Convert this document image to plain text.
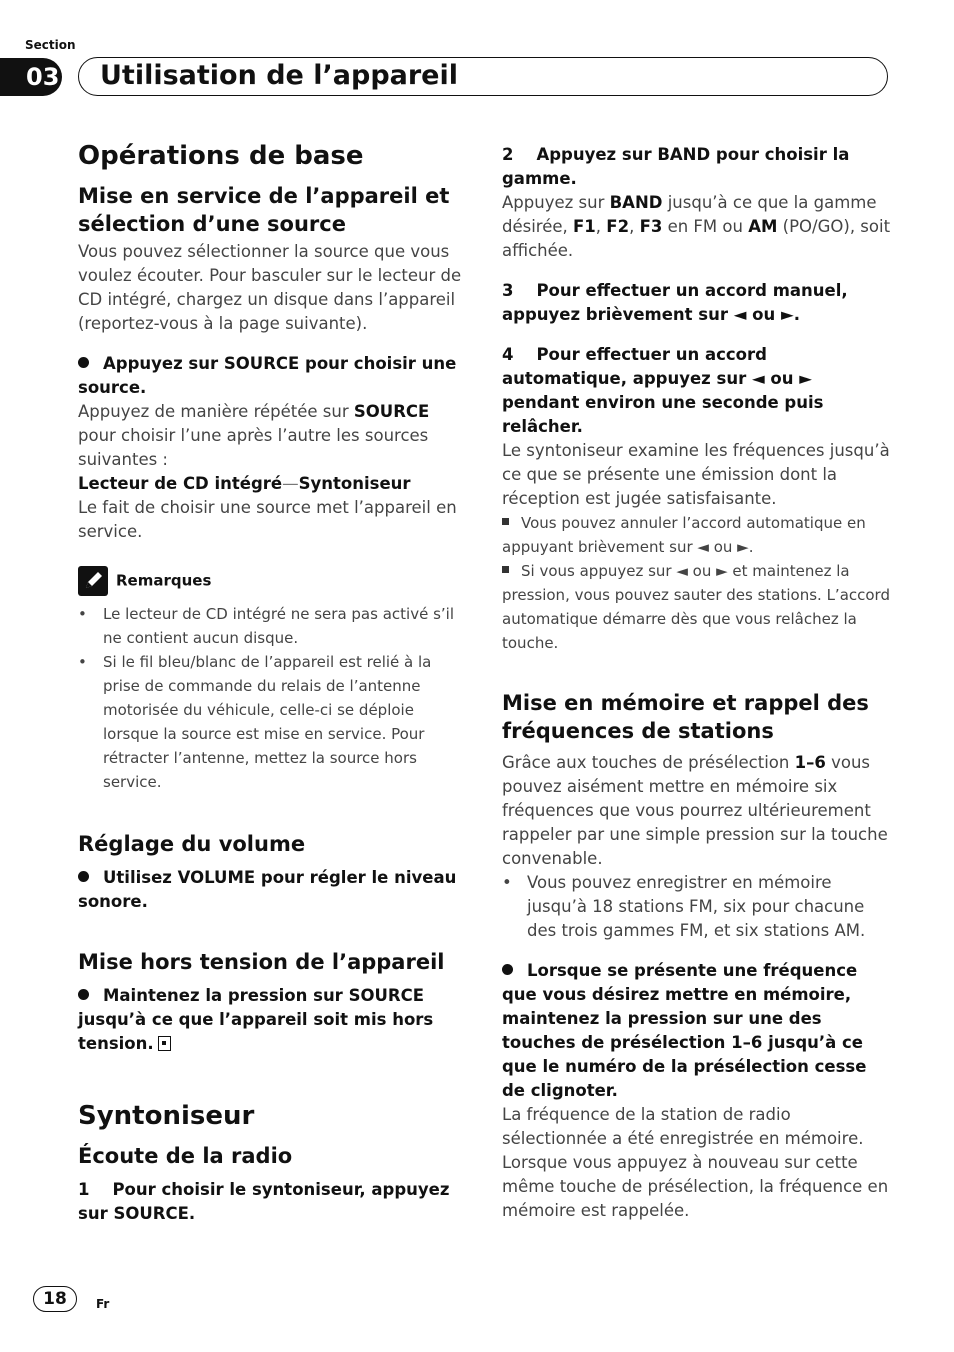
Section
03 Utilisation de l’appareil
Opérations de base
Mise en service de l’appareil et sélection d’une source
Vous pouvez sélectionner la source que vous voulez écouter. Pour basculer sur le lecteur de CD intégré, chargez un disque dans l’appareil (reportez-vous à la page suivante).
Appuyez sur SOURCE pour choisir une source.
Appuyez de manière répétée sur SOURCE pour choisir l’une après l’autre les sources suivantes :
Lecteur de CD intégré—Syntoniseur
Le fait de choisir une source met l’appareil en service.
Remarques
• Le lecteur de CD intégré ne sera pas activé s’il ne contient aucun disque.
• Si le fil bleu/blanc de l’appareil est relié à la prise de commande du relais de l’antenne motorisée du véhicule, celle-ci se déploie lorsque la source est mise en service. Pour rétracter l’antenne, mettez la source hors service.
Réglage du volume
Utilisez VOLUME pour régler le niveau sonore.
Mise hors tension de l’appareil
Maintenez la pression sur SOURCE jusqu’à ce que l’appareil soit mis hors tension.
Syntoniseur
Écoute de la radio
1    Pour choisir le syntoniseur, appuyez sur SOURCE.
2    Appuyez sur BAND pour choisir la gamme.
Appuyez sur BAND jusqu’à ce que la gamme désirée, F1, F2, F3 en FM ou AM (PO/GO), soit affichée.
3    Pour effectuer un accord manuel, appuyez brièvement sur ◄ ou ►.
4    Pour effectuer un accord automatique, appuyez sur ◄ ou ► pendant environ une seconde puis relâcher.
Le syntoniseur examine les fréquences jusqu’à ce que se présente une émission dont la réception est jugée satisfaisante.
Vous pouvez annuler l’accord automatique en appuyant brièvement sur ◄ ou ►.
Si vous appuyez sur ◄ ou ► et maintenez la pression, vous pouvez sauter des stations. L’accord automatique démarre dès que vous relâchez la touche.
Mise en mémoire et rappel des fréquences de stations
Grâce aux touches de présélection 1–6 vous pouvez aisément mettre en mémoire six fréquences que vous pourrez ultérieurement rappeler par une simple pression sur la touche convenable.
• Vous pouvez enregistrer en mémoire jusqu’à 18 stations FM, six pour chacune des trois gammes FM, et six stations AM.
Lorsque se présente une fréquence que vous désirez mettre en mémoire, maintenez la pression sur une des touches de présélection 1–6 jusqu’à ce que le numéro de la présélection cesse de clignoter.
La fréquence de la station de radio sélectionnée a été enregistrée en mémoire.
Lorsque vous appuyez à nouveau sur cette même touche de présélection, la fréquence en mémoire est rappelée.
18	Fr
